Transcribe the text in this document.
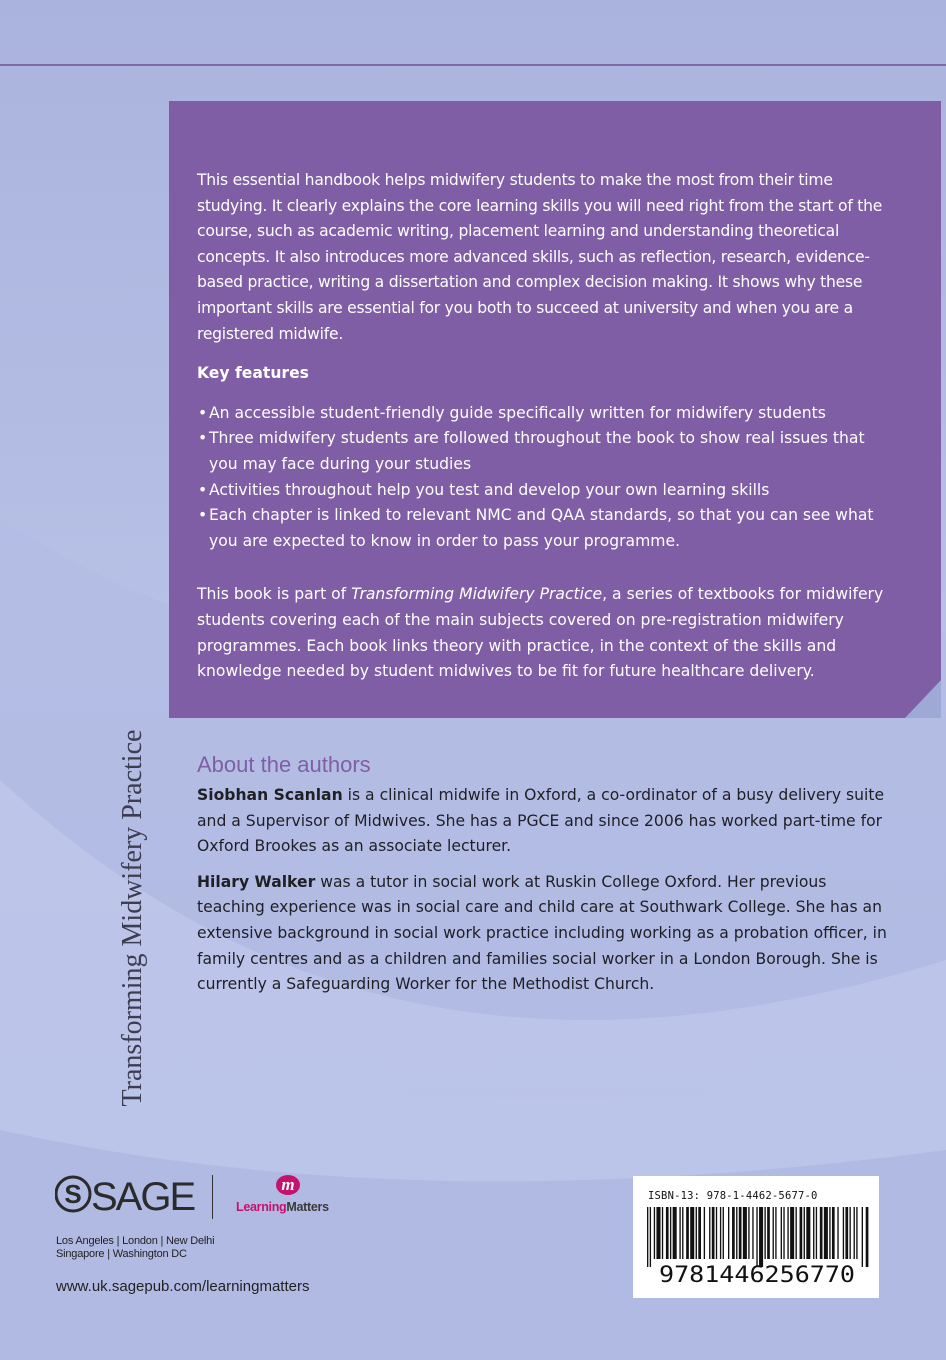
This essential handbook helps midwifery students to make the most from their time studying. It clearly explains the core learning skills you will need right from the start of the course, such as academic writing, placement learning and understanding theoretical concepts. It also introduces more advanced skills, such as reflection, research, evidence-based practice, writing a dissertation and complex decision making. It shows why these important skills are essential for you both to succeed at university and when you are a registered midwife.

Key features

• An accessible student-friendly guide specifically written for midwifery students
• Three midwifery students are followed throughout the book to show real issues that you may face during your studies
• Activities throughout help you test and develop your own learning skills
• Each chapter is linked to relevant NMC and QAA standards, so that you can see what you are expected to know in order to pass your programme.

This book is part of Transforming Midwifery Practice, a series of textbooks for midwifery students covering each of the main subjects covered on pre-registration midwifery programmes. Each book links theory with practice, in the context of the skills and knowledge needed by student midwives to be fit for future healthcare delivery.

About the authors

Siobhan Scanlan is a clinical midwife in Oxford, a co-ordinator of a busy delivery suite and a Supervisor of Midwives. She has a PGCE and since 2006 has worked part-time for Oxford Brookes as an associate lecturer.

Hilary Walker was a tutor in social work at Ruskin College Oxford. Her previous teaching experience was in social care and child care at Southwark College. She has an extensive background in social work practice including working as a probation officer, in family centres and as a children and families social worker in a London Borough. She is currently a Safeguarding Worker for the Methodist Church.

Transforming Midwifery Practice
S SAGE	m
LearningMatters
Los Angeles | London | New Delhi
Singapore | Washington DC
www.uk.sagepub.com/learningmatters
ISBN-13: 978-1-4462-5677-0
9781446256770
